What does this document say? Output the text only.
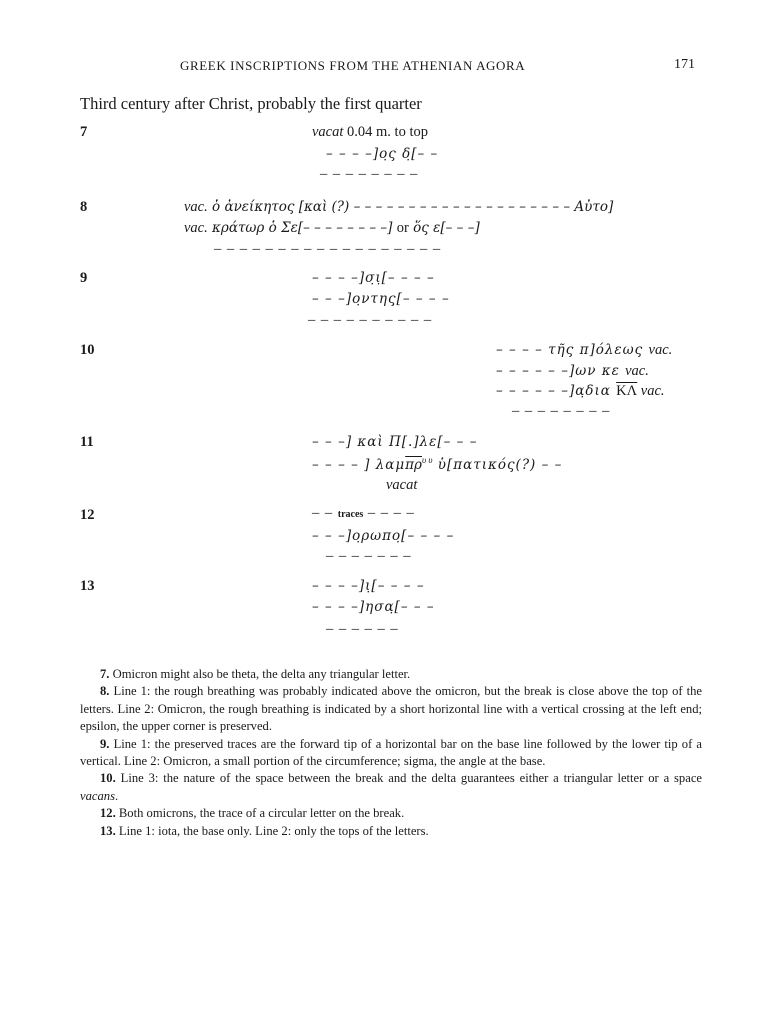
GREEK INSCRIPTIONS FROM THE ATHENIAN AGORA	171
Third century after Christ, probably the first quarter
7	vacat 0.04 m. to top
– – – –]ο̣ς δ̣[– –
– – – – – – – –
8	vac. ὁ ἀνείκητος [καὶ (?) – – – – – – – – – – – – – – – – – – – – Αὐτο]
vac. κράτωρ ὁ Σε[– – – – – – – –] or ὅς ε[– – –]
– – – – – – – – – – – – – – – – – –
9	– – – –]σ̣ι̣[– – – –
– – –]ο̣ντης̣[– – – –
– – – – – – – – – –
10	– – – – τῆς π]όλεως vac.
– – – – – –]ων κε vac.
– – – – – –]α̣δια $\overline{K\Lambda}$ vac.
– – – – – – – –
11	– – –] καὶ Π[.]λε[– – –
– – – – ] $\lambda\alpha\mu\overline{\pi\rho}^{\upsilon \upsilon}$ ὑ[πατικός(?) – –
vacat
12	– – traces – – – –
– – –]ο̣ρωπο̣[– – – –
– – – – – – –
13	– – – –]ι̣[– – – –
– – – –]ησα̣[– – –
– – – – – –

7. Omicron might also be theta, the delta any triangular letter.

8. Line 1: the rough breathing was probably indicated above the omicron, but the break is close above the top of the letters. Line 2: Omicron, the rough breathing is indicated by a short horizontal line with a vertical crossing at the left end; epsilon, the upper corner is preserved.

9. Line 1: the preserved traces are the forward tip of a horizontal bar on the base line followed by the lower tip of a vertical. Line 2: Omicron, a small portion of the circumference; sigma, the angle at the base.

10. Line 3: the nature of the space between the break and the delta guarantees either a triangular letter or a space vacans.

12. Both omicrons, the trace of a circular letter on the break.

13. Line 1: iota, the base only. Line 2: only the tops of the letters.
